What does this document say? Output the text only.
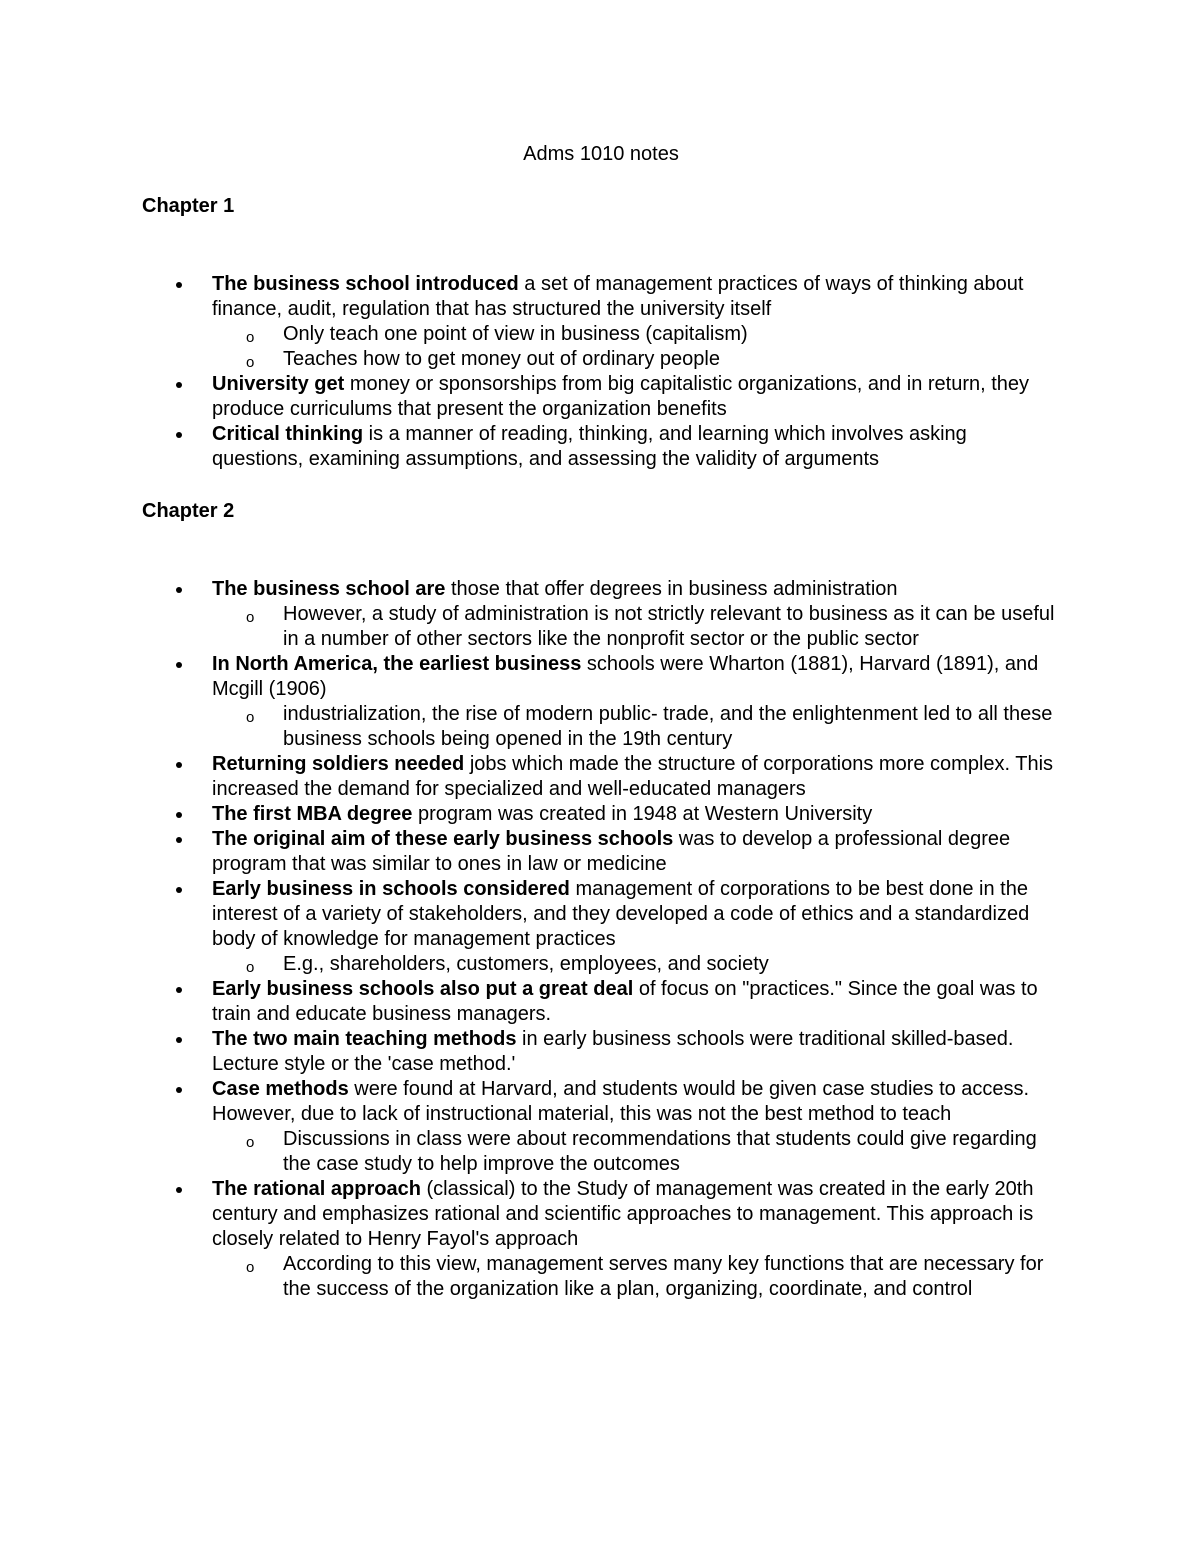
Adms 1010 notes
Chapter 1
The business school introduced a set of management practices of ways of thinking about finance, audit, regulation that has structured the university itself
o Only teach one point of view in business (capitalism)
o Teaches how to get money out of ordinary people
University get money or sponsorships from big capitalistic organizations, and in return, they produce curriculums that present the organization benefits
Critical thinking is a manner of reading, thinking, and learning which involves asking questions, examining assumptions, and assessing the validity of arguments
Chapter 2
The business school are those that offer degrees in business administration
o However, a study of administration is not strictly relevant to business as it can be useful in a number of other sectors like the nonprofit sector or the public sector
In North America, the earliest business schools were Wharton (1881), Harvard (1891), and Mcgill (1906)
o industrialization, the rise of modern public- trade, and the enlightenment led to all these business schools being opened in the 19th century
Returning soldiers needed jobs which made the structure of corporations more complex. This increased the demand for specialized and well-educated managers
The first MBA degree program was created in 1948 at Western University
The original aim of these early business schools was to develop a professional degree program that was similar to ones in law or medicine
Early business in schools considered management of corporations to be best done in the interest of a variety of stakeholders, and they developed a code of ethics and a standardized body of knowledge for management practices
o E.g., shareholders, customers, employees, and society
Early business schools also put a great deal of focus on "practices." Since the goal was to train and educate business managers.
The two main teaching methods in early business schools were traditional skilled-based. Lecture style or the 'case method.'
Case methods were found at Harvard, and students would be given case studies to access. However, due to lack of instructional material, this was not the best method to teach
o Discussions in class were about recommendations that students could give regarding the case study to help improve the outcomes
The rational approach (classical) to the Study of management was created in the early 20th century and emphasizes rational and scientific approaches to management. This approach is closely related to Henry Fayol's approach
o According to this view, management serves many key functions that are necessary for the success of the organization like a plan, organizing, coordinate, and control
